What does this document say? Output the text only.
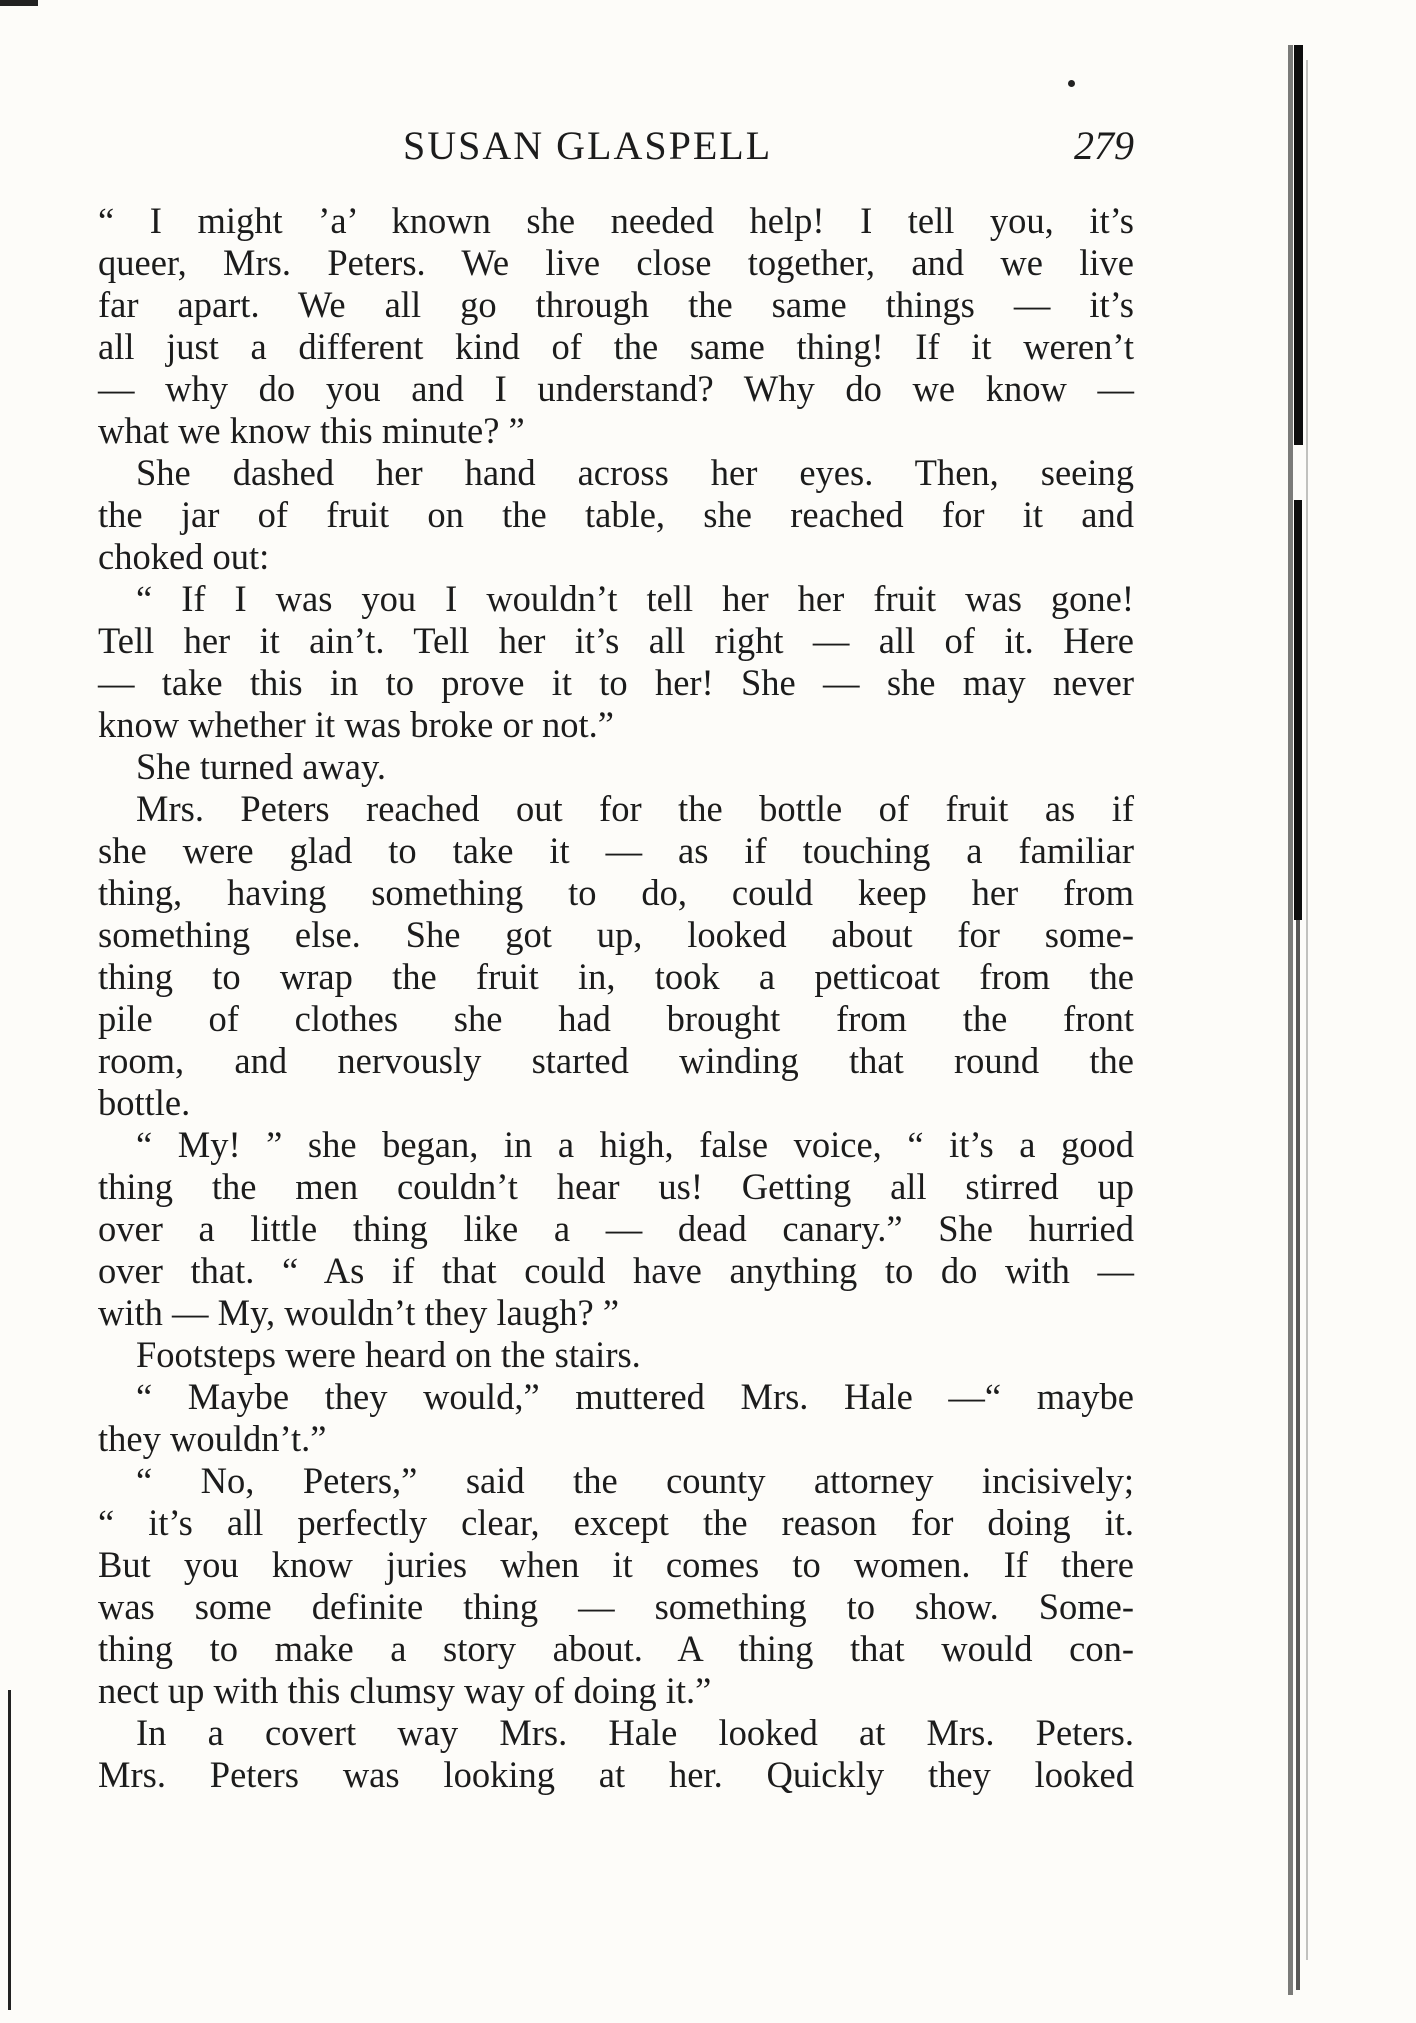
SUSAN GLASPELL	279
“ I might ’a’ known she needed help! I tell you, it’s
queer, Mrs. Peters. We live close together, and we live
far apart. We all go through the same things — it’s
all just a different kind of the same thing! If it weren’t
— why do you and I understand? Why do we know —
what we know this minute? ”
She dashed her hand across her eyes. Then, seeing
the jar of fruit on the table, she reached for it and
choked out:
“ If I was you I wouldn’t tell her her fruit was gone!
Tell her it ain’t. Tell her it’s all right — all of it. Here
— take this in to prove it to her! She — she may never
know whether it was broke or not.”
She turned away.
Mrs. Peters reached out for the bottle of fruit as if
she were glad to take it — as if touching a familiar
thing, having something to do, could keep her from
something else. She got up, looked about for some-
thing to wrap the fruit in, took a petticoat from the
pile of clothes she had brought from the front
room, and nervously started winding that round the
bottle.
“ My! ” she began, in a high, false voice, “ it’s a good
thing the men couldn’t hear us! Getting all stirred up
over a little thing like a — dead canary.” She hurried
over that. “ As if that could have anything to do with —
with — My, wouldn’t they laugh? ”
Footsteps were heard on the stairs.
“ Maybe they would,” muttered Mrs. Hale —“ maybe
they wouldn’t.”
“ No, Peters,” said the county attorney incisively;
“ it’s all perfectly clear, except the reason for doing it.
But you know juries when it comes to women. If there
was some definite thing — something to show. Some-
thing to make a story about. A thing that would con-
nect up with this clumsy way of doing it.”
In a covert way Mrs. Hale looked at Mrs. Peters.
Mrs. Peters was looking at her. Quickly they looked
